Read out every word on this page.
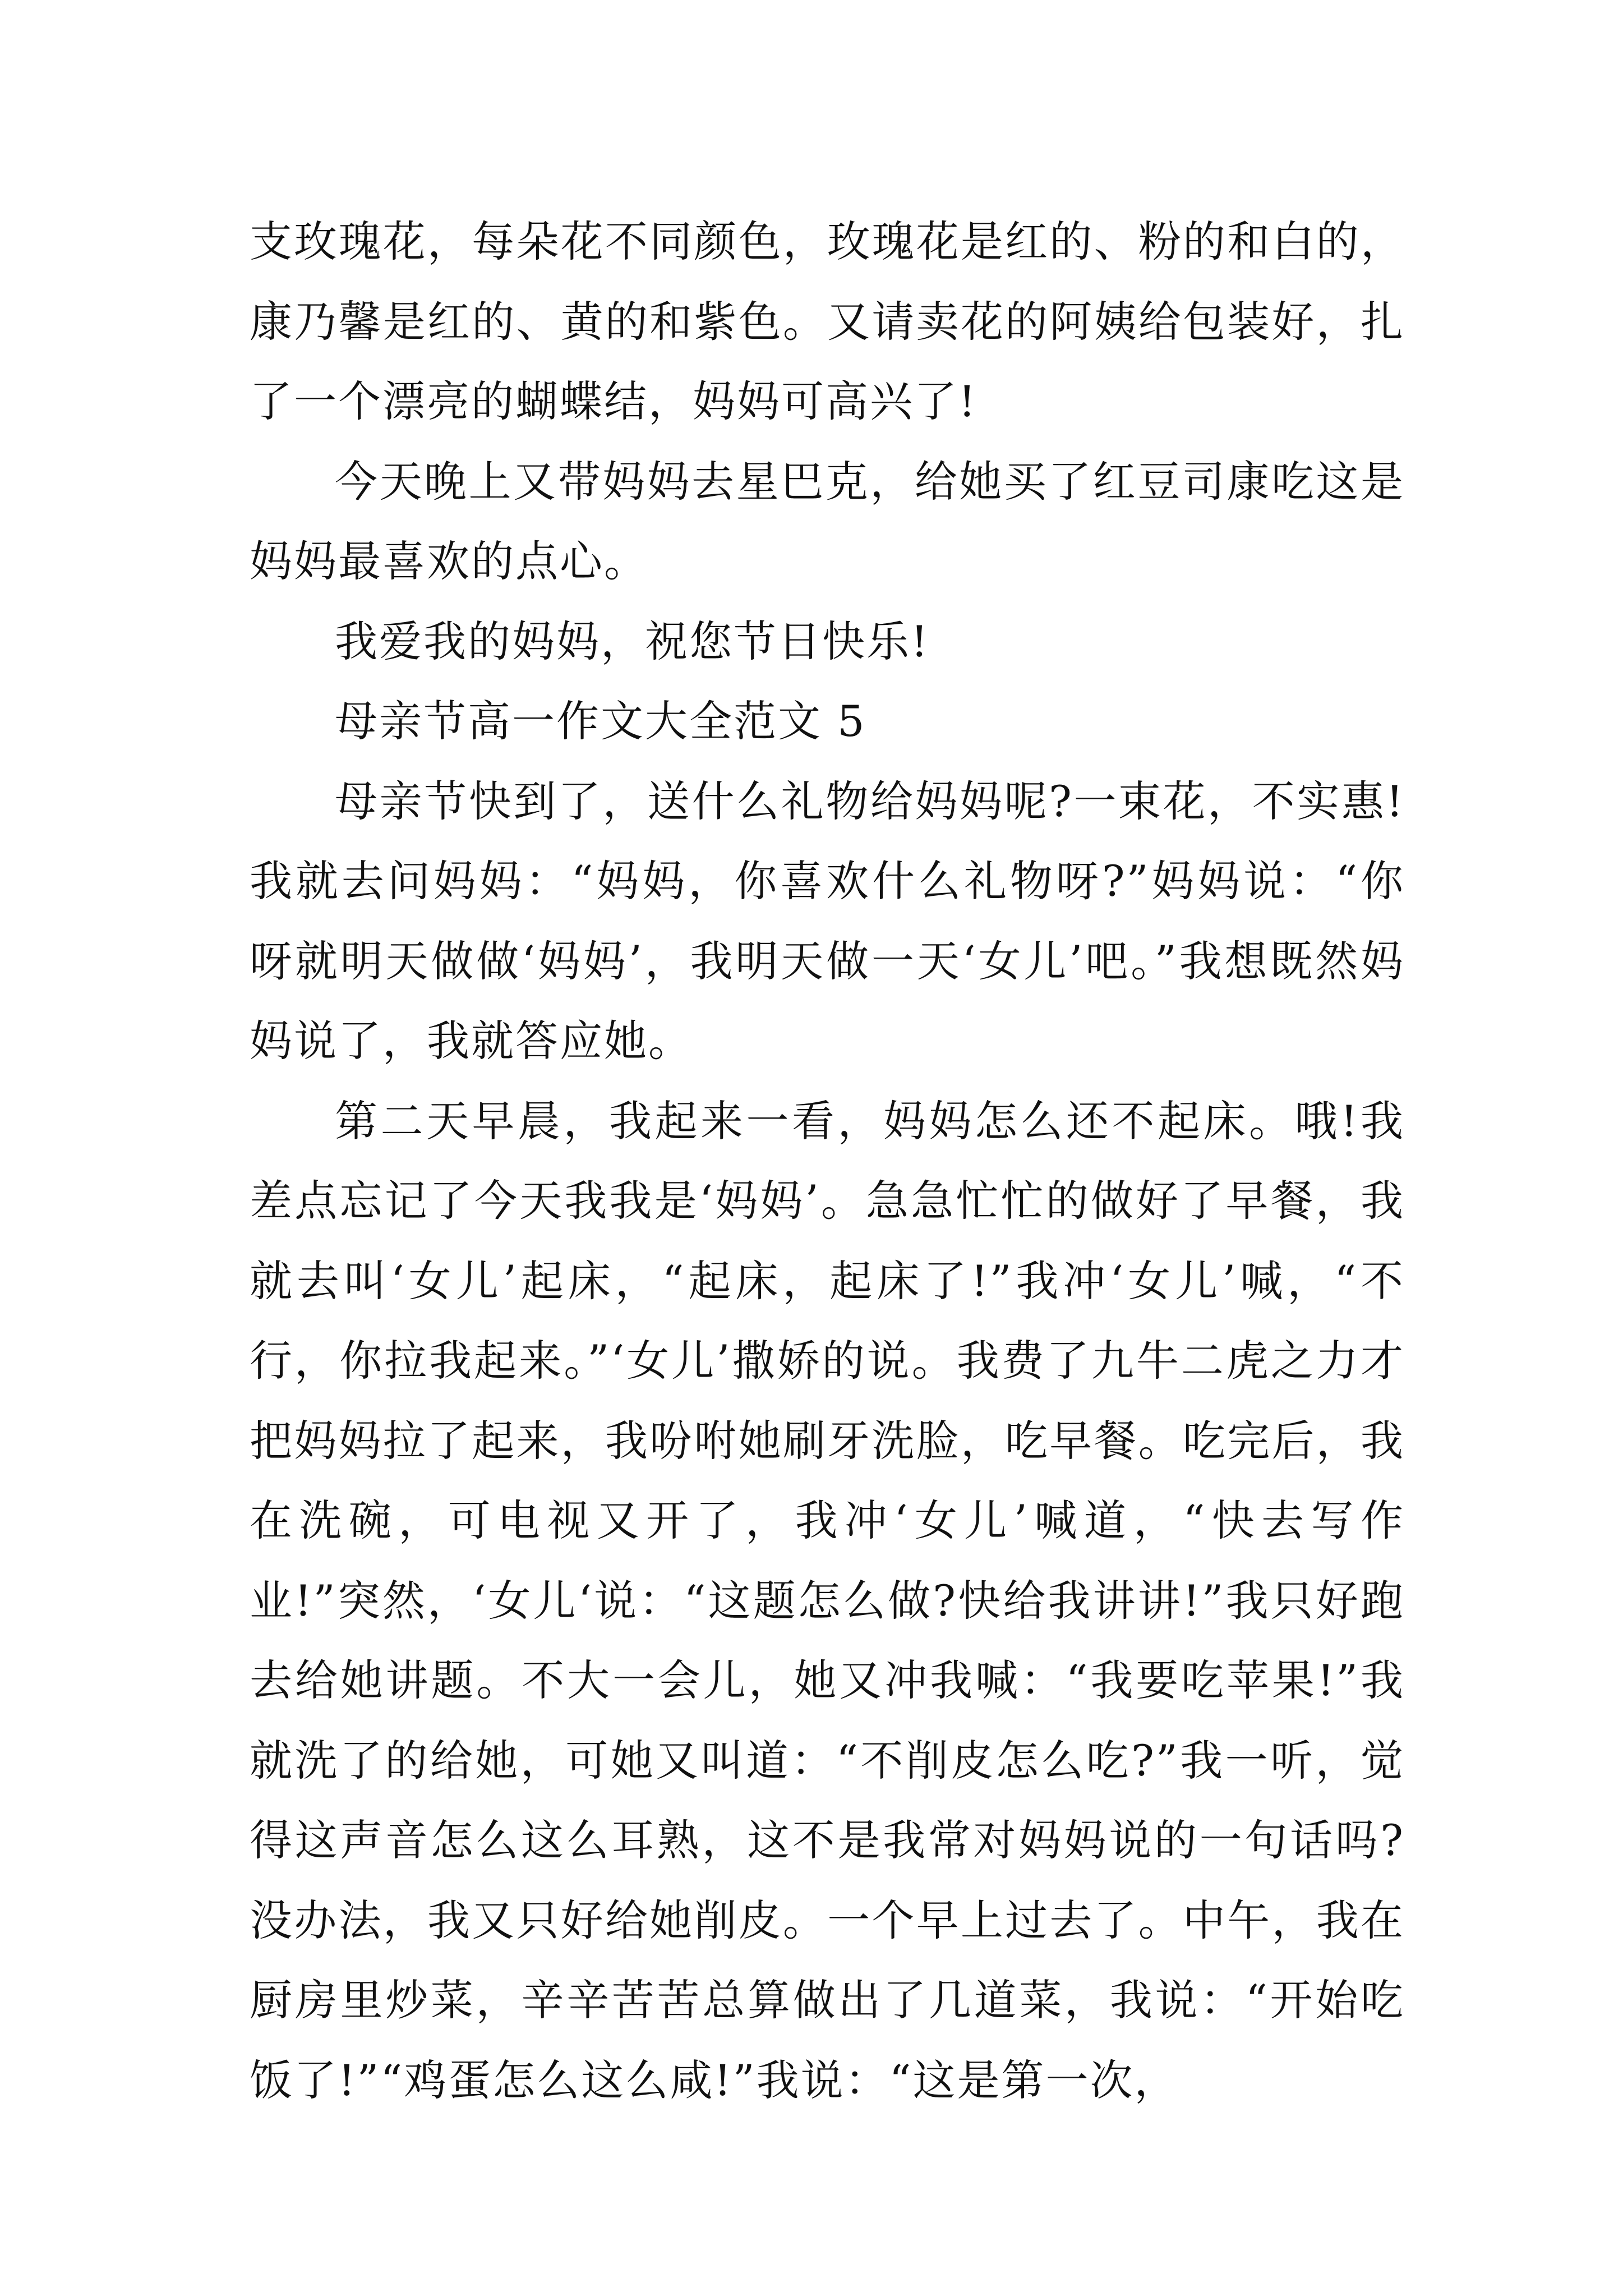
支玫瑰花，每朵花不同颜色，玫瑰花是红的、粉的和白的，康乃馨是红的、黄的和紫色。又请卖花的阿姨给包装好，扎了一个漂亮的蝴蝶结，妈妈可高兴了!

今天晚上又带妈妈去星巴克，给她买了红豆司康吃这是妈妈最喜欢的点心。

我爱我的妈妈，祝您节日快乐!

母亲节高一作文大全范文 5

母亲节快到了，送什么礼物给妈妈呢?一束花，不实惠!我就去问妈妈：“妈妈，你喜欢什么礼物呀?”妈妈说：“你呀就明天做做‘妈妈’，我明天做一天‘女儿’吧。”我想既然妈妈说了，我就答应她。

第二天早晨，我起来一看，妈妈怎么还不起床。哦!我差点忘记了今天我我是‘妈妈’。急急忙忙的做好了早餐，我就去叫‘女儿’起床，“起床，起床了!”我冲‘女儿’喊，“不行，你拉我起来。”‘女儿’撒娇的说。我费了九牛二虎之力才把妈妈拉了起来，我吩咐她刷牙洗脸，吃早餐。吃完后，我在洗碗，可电视又开了，我冲‘女儿’喊道，“快去写作业!”突然，‘女儿‘说：“这题怎么做?快给我讲讲!”我只好跑去给她讲题。不大一会儿，她又冲我喊：“我要吃苹果!”我就洗了的给她，可她又叫道：“不削皮怎么吃?”我一听，觉得这声音怎么这么耳熟，这不是我常对妈妈说的一句话吗?没办法，我又只好给她削皮。一个早上过去了。中午，我在厨房里炒菜，辛辛苦苦总算做出了几道菜，我说：“开始吃饭了!”“鸡蛋怎么这么咸!”我说：“这是第一次，
